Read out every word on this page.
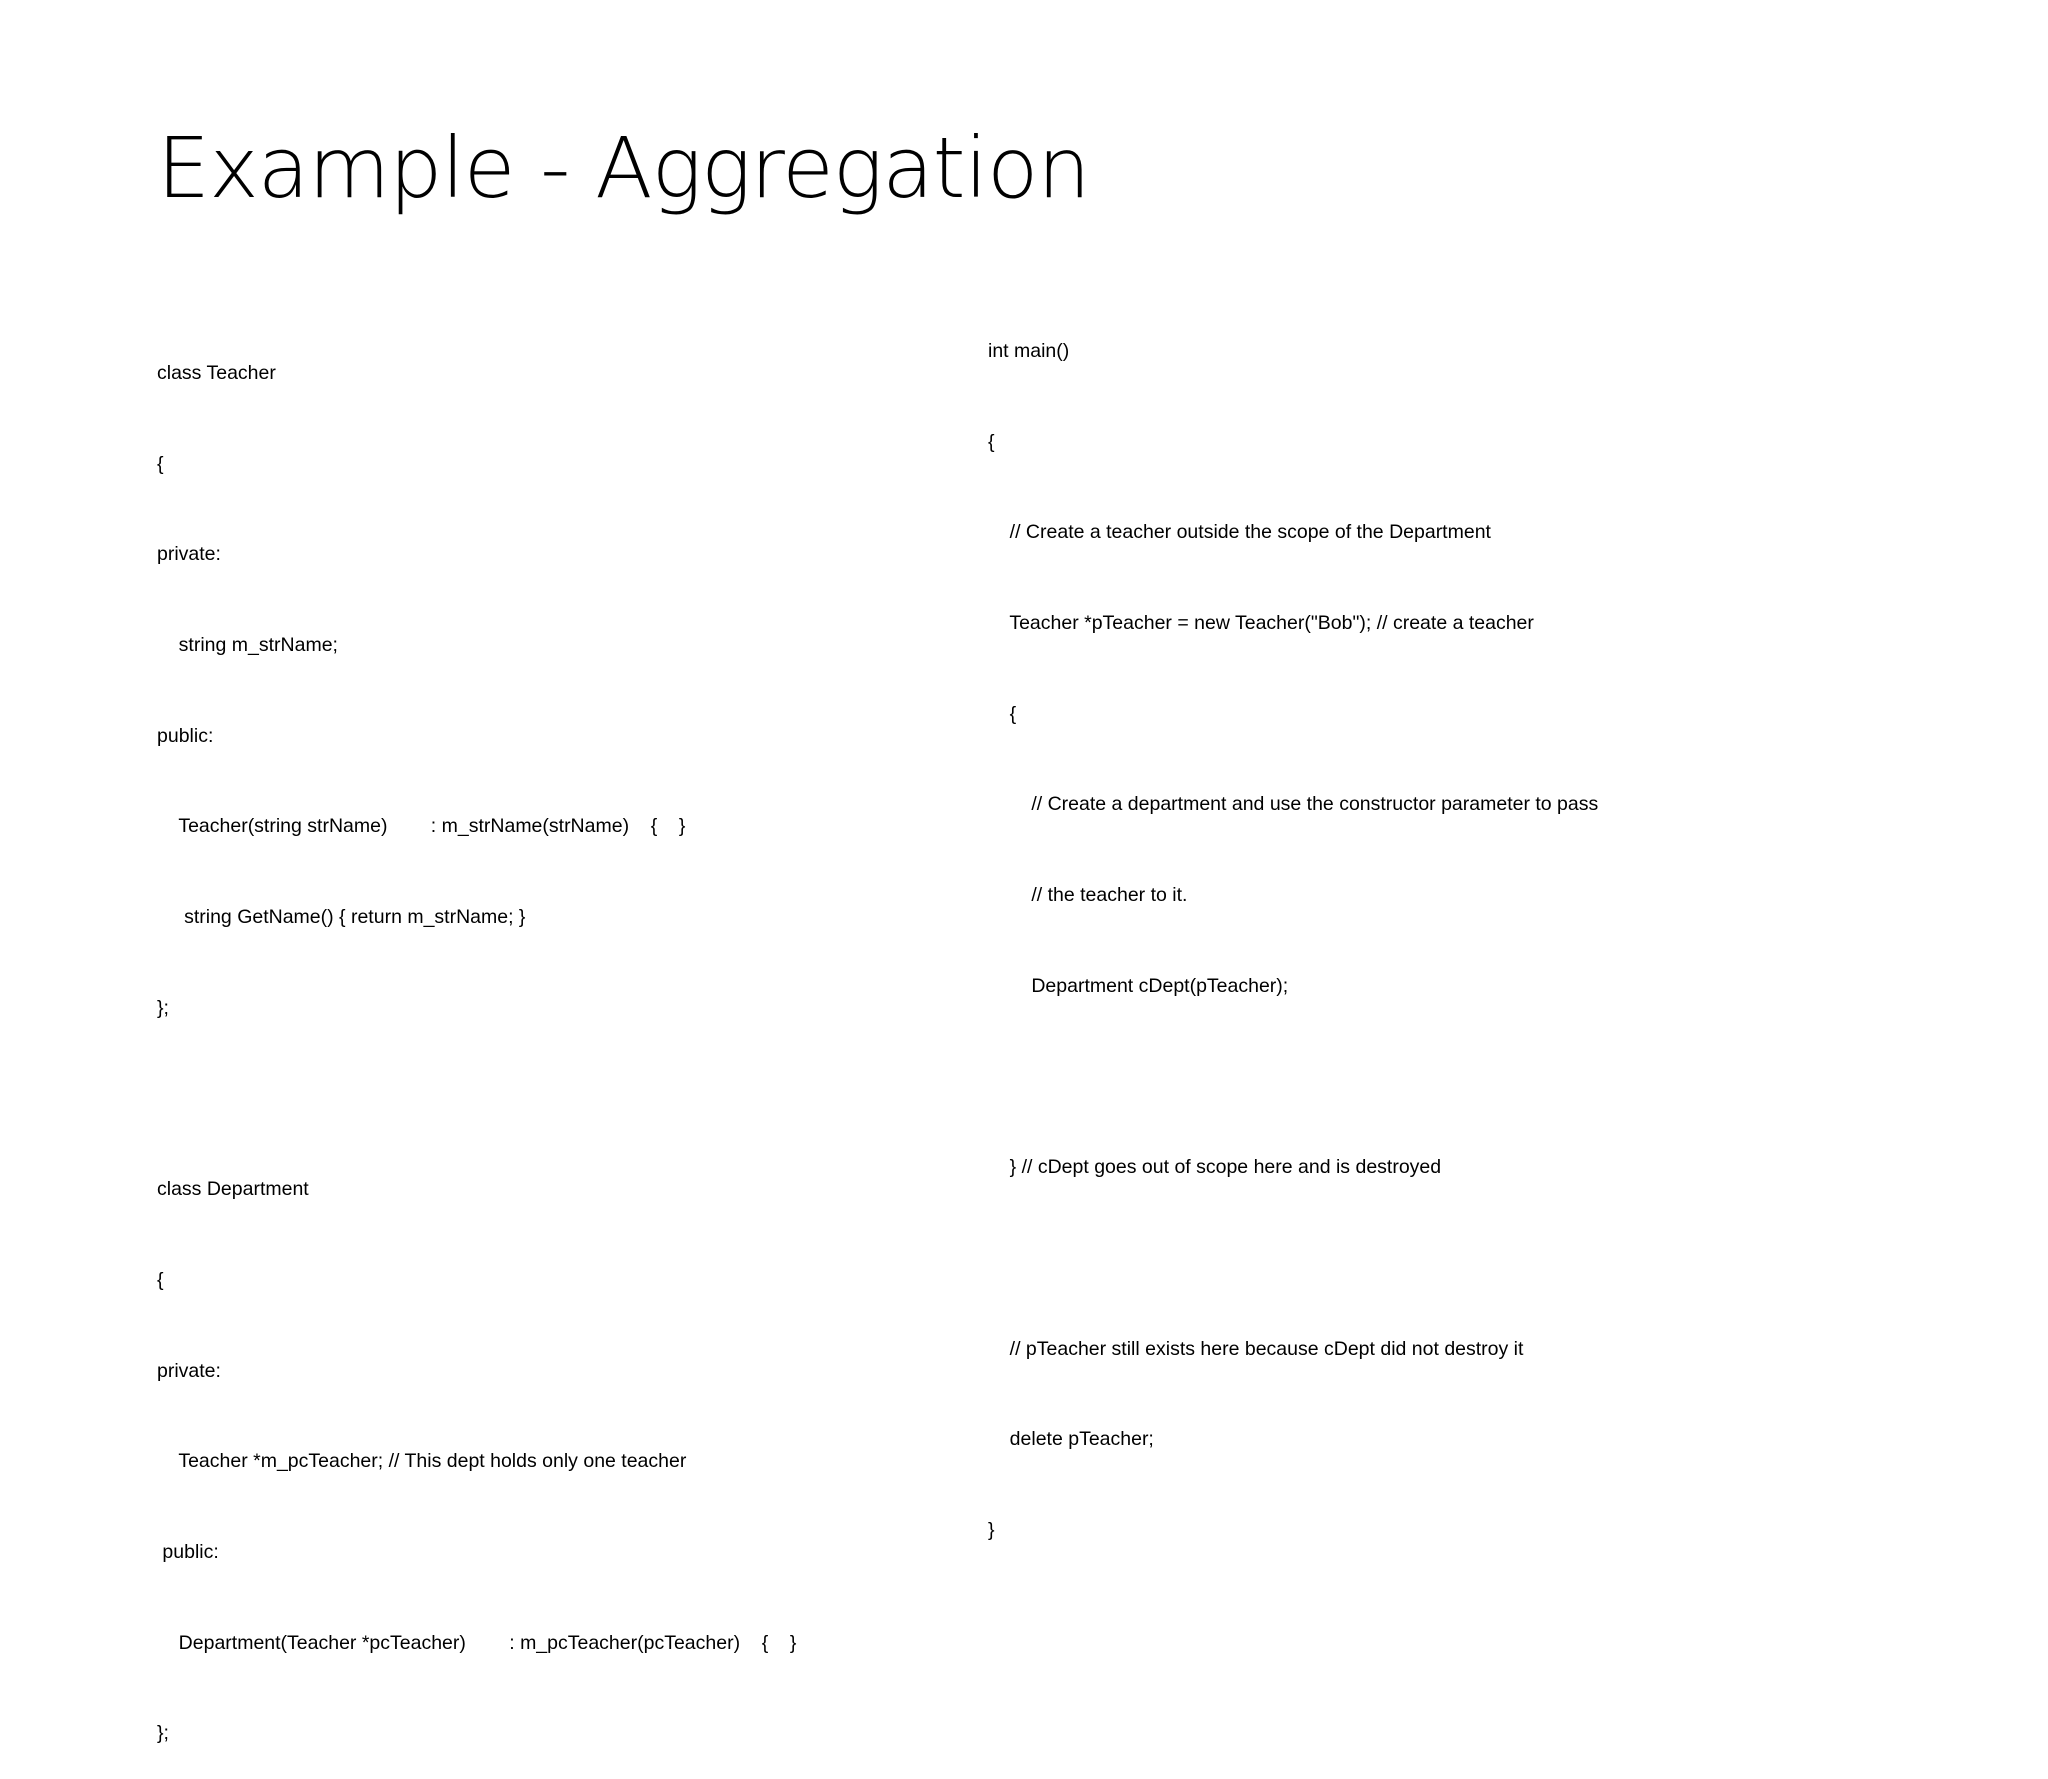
Example - Aggregation

class Teacher

{

private:

string m_strName;

public:

Teacher(string strName)        : m_strName(strName)    {    }

string GetName() { return m_strName; }

};

class Department

{

private:

Teacher *m_pcTeacher; // This dept holds only one teacher

public:

Department(Teacher *pcTeacher)        : m_pcTeacher(pcTeacher)    {    }

};

int main()

{

// Create a teacher outside the scope of the Department

Teacher *pTeacher = new Teacher("Bob"); // create a teacher

{

// Create a department and use the constructor parameter to pass

// the teacher to it.

Department cDept(pTeacher);

} // cDept goes out of scope here and is destroyed

// pTeacher still exists here because cDept did not destroy it

delete pTeacher;

}
